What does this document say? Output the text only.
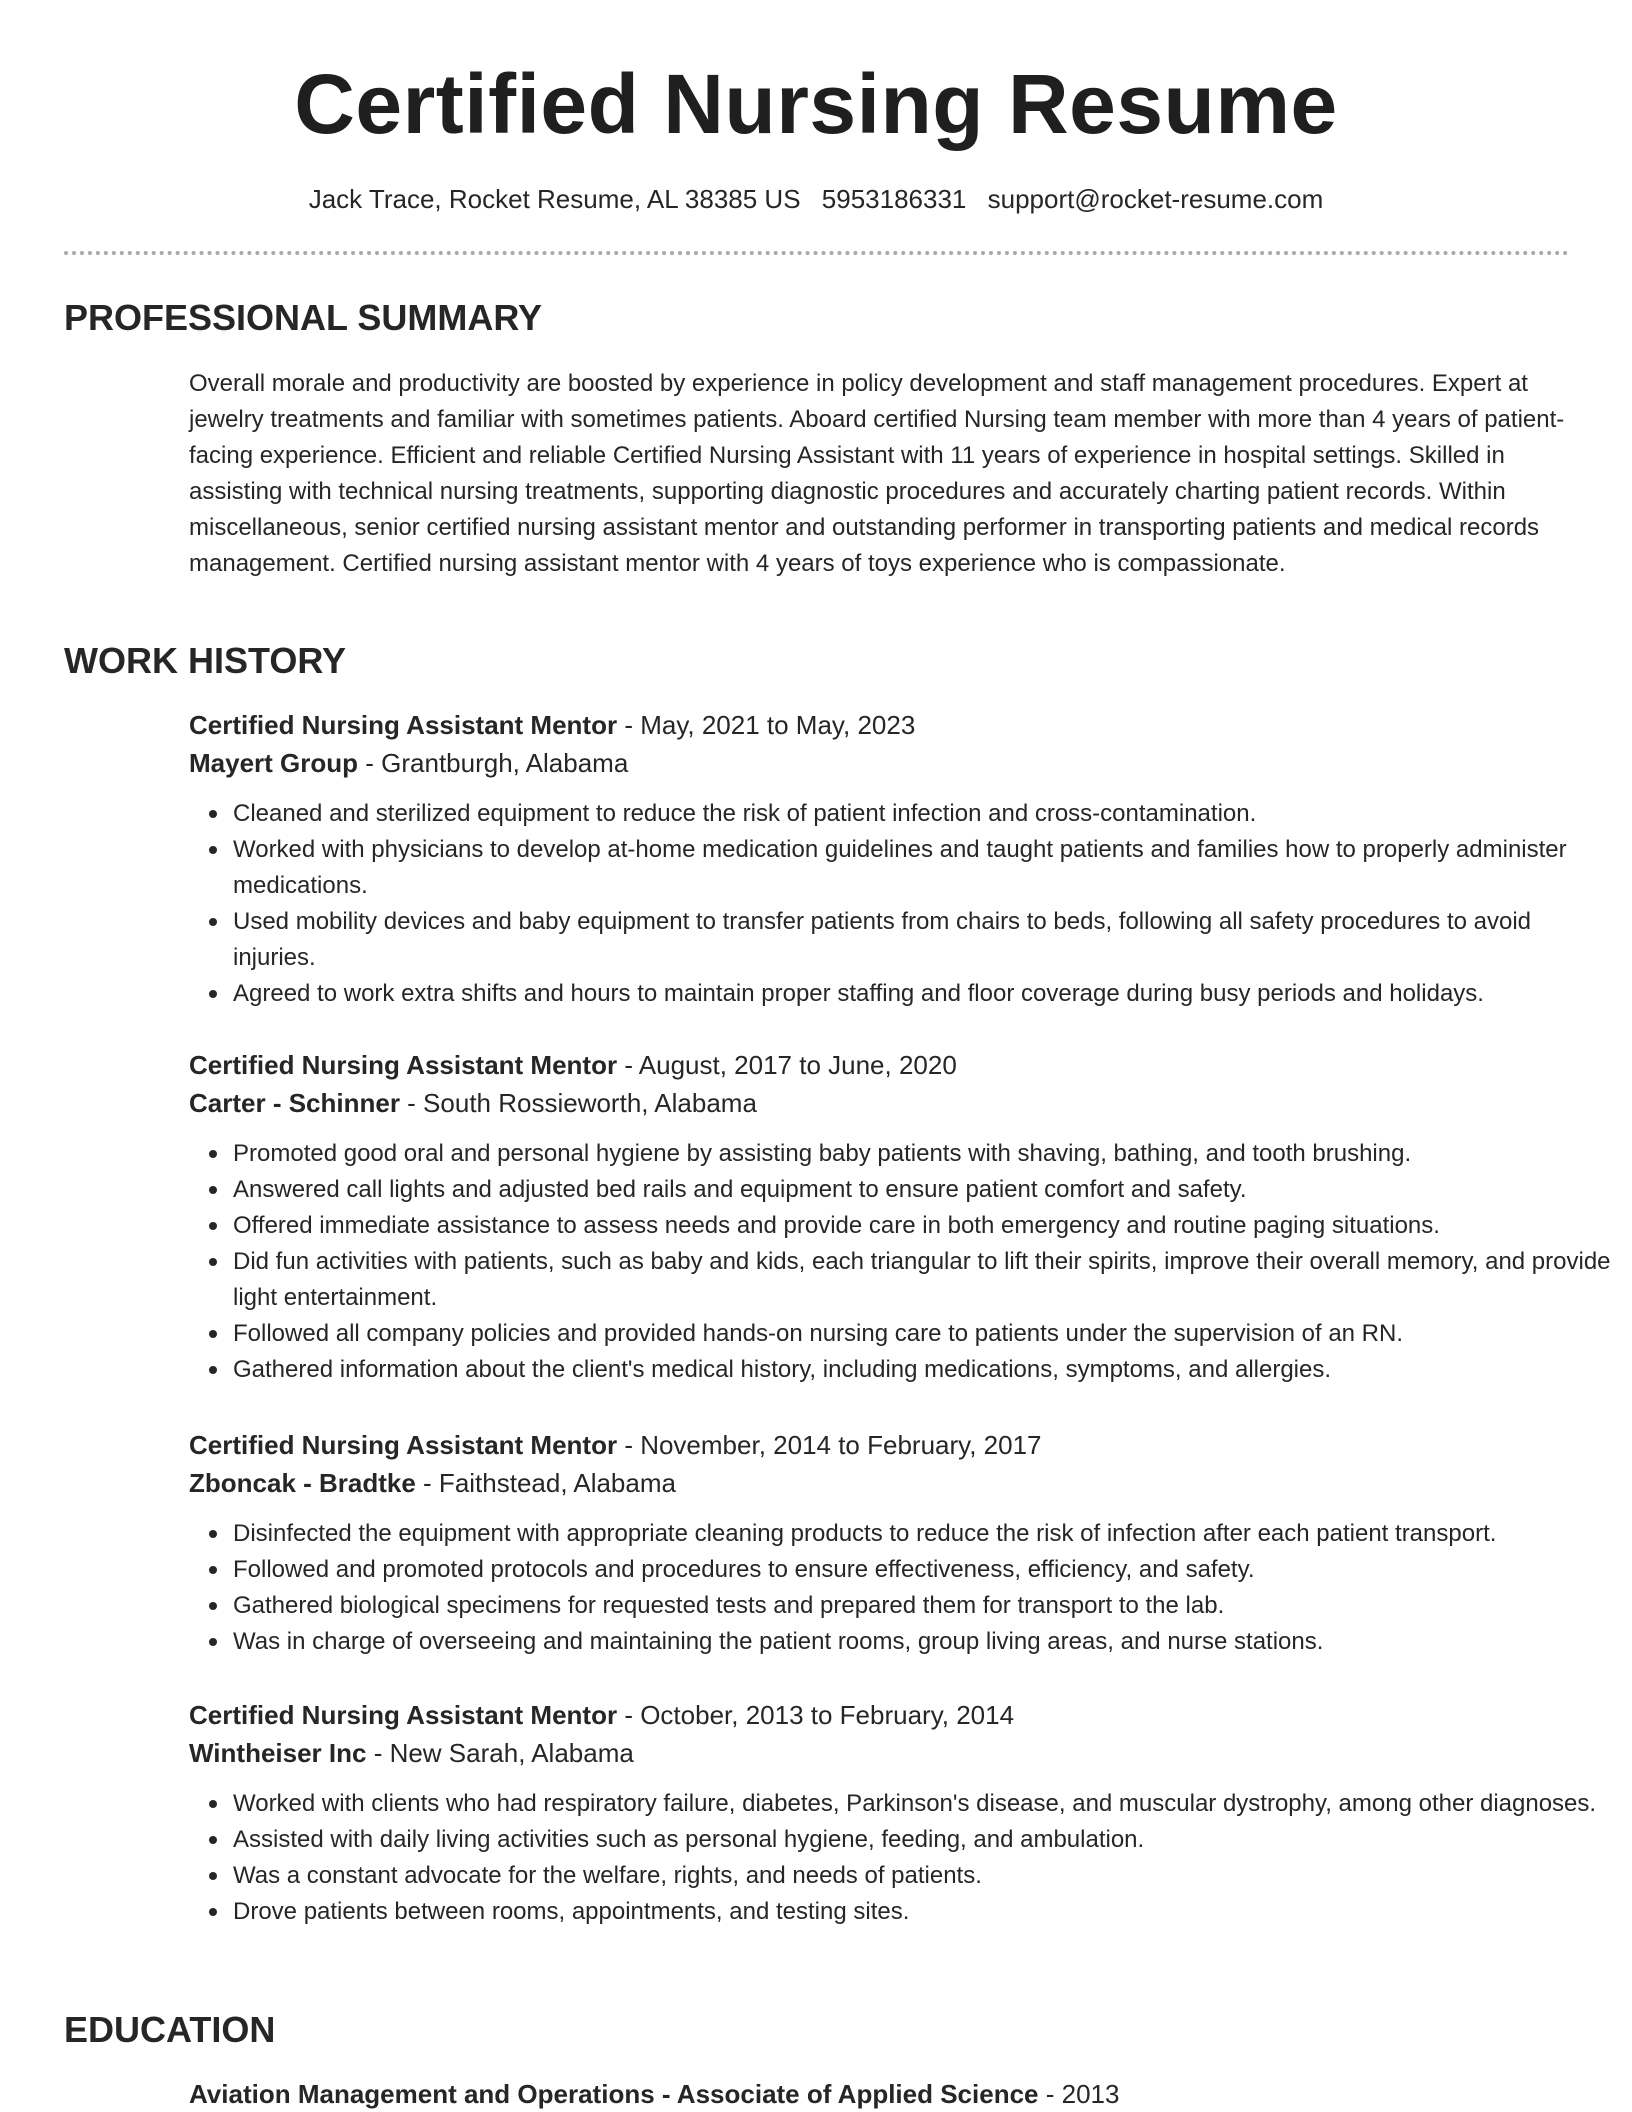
Certified Nursing Resume
Jack Trace, Rocket Resume, AL 38385 US 5953186331 support@rocket-resume.com
PROFESSIONAL SUMMARY

Overall morale and productivity are boosted by experience in policy development and staff management procedures. Expert at jewelry treatments and familiar with sometimes patients. Aboard certified Nursing team member with more than 4 years of patient-facing experience. Efficient and reliable Certified Nursing Assistant with 11 years of experience in hospital settings. Skilled in assisting with technical nursing treatments, supporting diagnostic procedures and accurately charting patient records. Within miscellaneous, senior certified nursing assistant mentor and outstanding performer in transporting patients and medical records management. Certified nursing assistant mentor with 4 years of toys experience who is compassionate.

WORK HISTORY
Certified Nursing Assistant Mentor - May, 2021 to May, 2023
Mayert Group - Grantburgh, Alabama
Cleaned and sterilized equipment to reduce the risk of patient infection and cross-contamination.
Worked with physicians to develop at-home medication guidelines and taught patients and families how to properly administer medications.
Used mobility devices and baby equipment to transfer patients from chairs to beds, following all safety procedures to avoid injuries.
Agreed to work extra shifts and hours to maintain proper staffing and floor coverage during busy periods and holidays.
Certified Nursing Assistant Mentor - August, 2017 to June, 2020
Carter - Schinner - South Rossieworth, Alabama
Promoted good oral and personal hygiene by assisting baby patients with shaving, bathing, and tooth brushing.
Answered call lights and adjusted bed rails and equipment to ensure patient comfort and safety.
Offered immediate assistance to assess needs and provide care in both emergency and routine paging situations.
Did fun activities with patients, such as baby and kids, each triangular to lift their spirits, improve their overall memory, and provide light entertainment.
Followed all company policies and provided hands-on nursing care to patients under the supervision of an RN.
Gathered information about the client's medical history, including medications, symptoms, and allergies.
Certified Nursing Assistant Mentor - November, 2014 to February, 2017
Zboncak - Bradtke - Faithstead, Alabama
Disinfected the equipment with appropriate cleaning products to reduce the risk of infection after each patient transport.
Followed and promoted protocols and procedures to ensure effectiveness, efficiency, and safety.
Gathered biological specimens for requested tests and prepared them for transport to the lab.
Was in charge of overseeing and maintaining the patient rooms, group living areas, and nurse stations.
Certified Nursing Assistant Mentor - October, 2013 to February, 2014
Wintheiser Inc - New Sarah, Alabama
Worked with clients who had respiratory failure, diabetes, Parkinson's disease, and muscular dystrophy, among other diagnoses.
Assisted with daily living activities such as personal hygiene, feeding, and ambulation.
Was a constant advocate for the welfare, rights, and needs of patients.
Drove patients between rooms, appointments, and testing sites.
EDUCATION
Aviation Management and Operations - Associate of Applied Science - 2013
